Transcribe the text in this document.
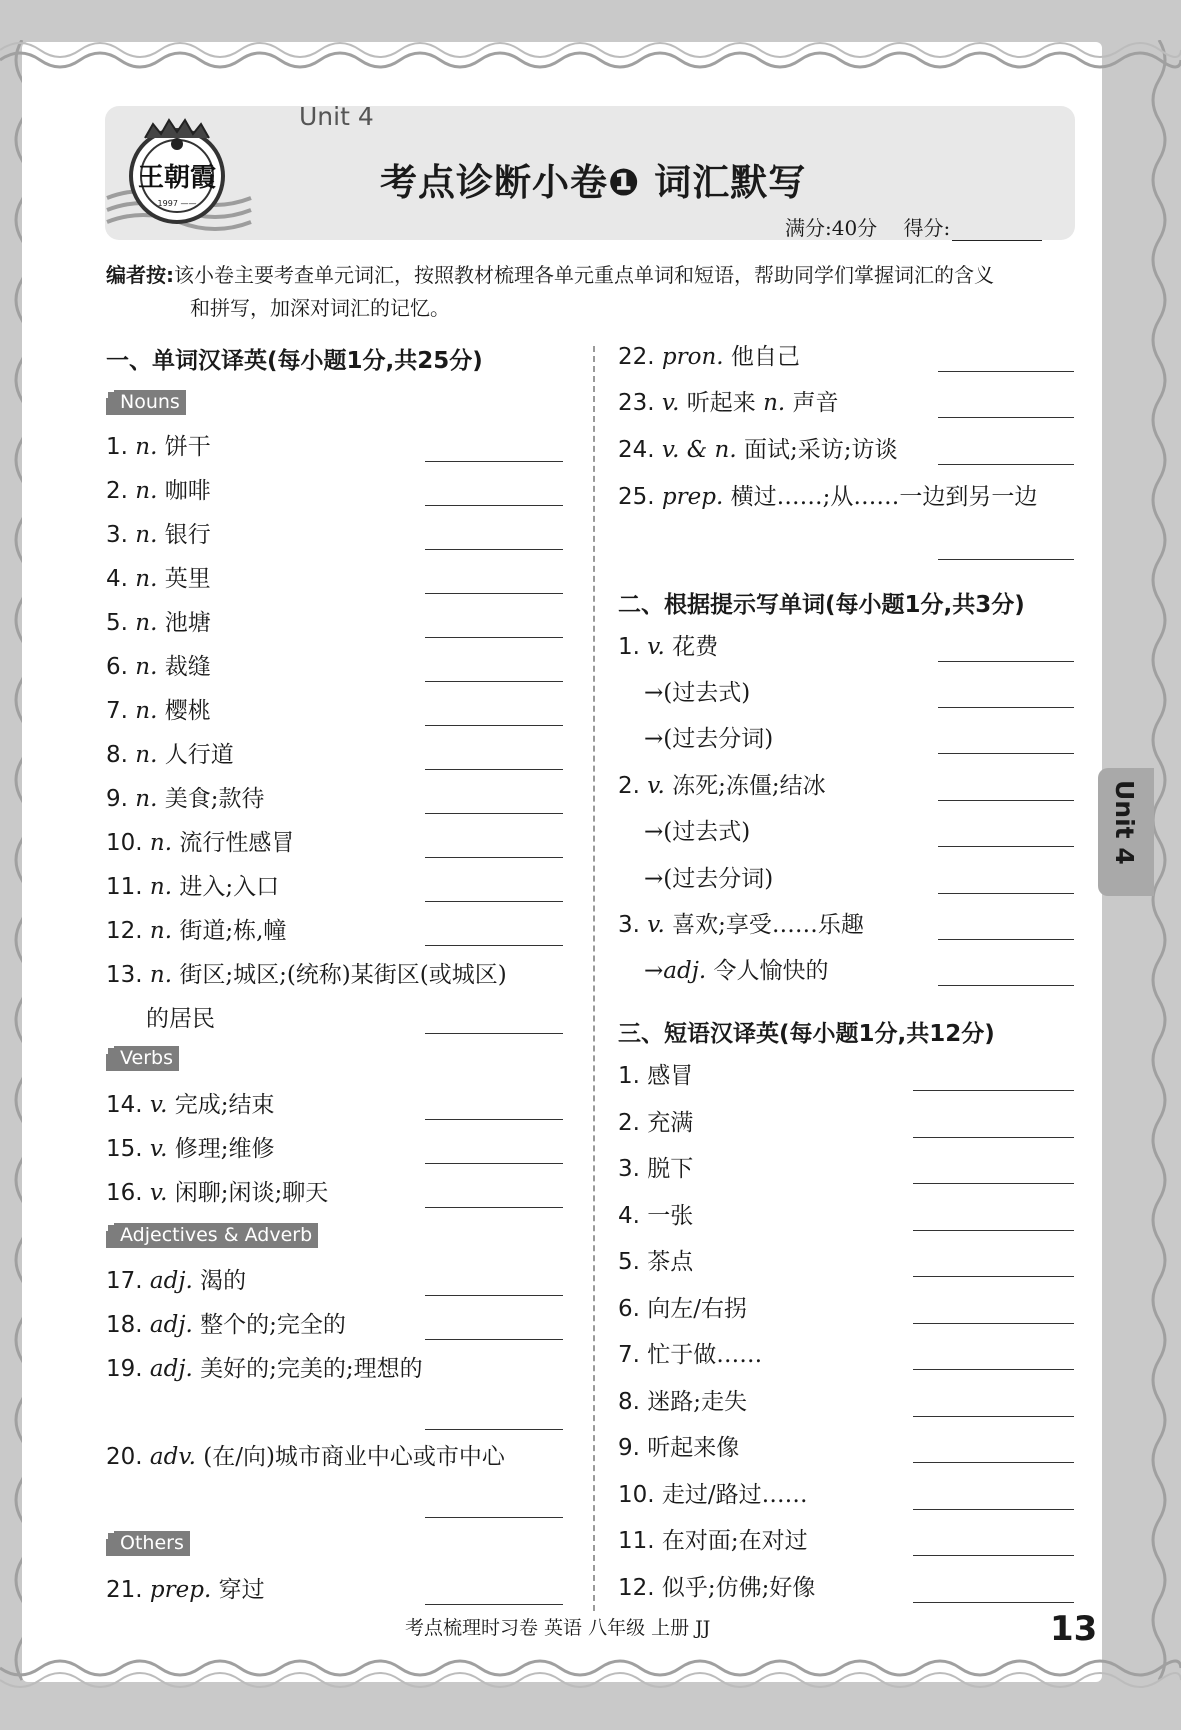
王朝霞
1997 ——
Unit 4
考点诊断小卷❶ 词汇默写
满分:40分 得分:
编者按:该小卷主要考查单元词汇，按照教材梳理各单元重点单词和短语，帮助同学们掌握词汇的含义
和拼写，加深对词汇的记忆。
一、单词汉译英(每小题1分,共25分)
Nouns
Verbs
Adjectives & Adverb
Others
1. n. 饼干
2. n. 咖啡
3. n. 银行
4. n. 英里
5. n. 池塘
6. n. 裁缝
7. n. 樱桃
8. n. 人行道
9. n. 美食;款待
10. n. 流行性感冒
11. n. 进入;入口
12. n. 街道;栋,幢
13. n. 街区;城区;(统称)某街区(或城区)
的居民
14. v. 完成;结束
15. v. 修理;维修
16. v. 闲聊;闲谈;聊天
17. adj. 渴的
18. adj. 整个的;完全的
19. adj. 美好的;完美的;理想的
20. adv. (在/向)城市商业中心或市中心
21. prep. 穿过
22. pron. 他自己
23. v. 听起来 n. 声音
24. v. & n. 面试;采访;访谈
25. prep. 横过……;从……一边到另一边
1. v. 花费
→(过去式)
→(过去分词)
2. v. 冻死;冻僵;结冰
→(过去式)
→(过去分词)
3. v. 喜欢;享受……乐趣
→adj. 令人愉快的
1. 感冒
2. 充满
3. 脱下
4. 一张
5. 茶点
6. 向左/右拐
7. 忙于做……
8. 迷路;走失
9. 听起来像
10. 走过/路过……
11. 在对面;在对过
12. 似乎;仿佛;好像
二、根据提示写单词(每小题1分,共3分)
三、短语汉译英(每小题1分,共12分)
Unit 4
考点梳理时习卷 英语 八年级 上册 JJ	13
